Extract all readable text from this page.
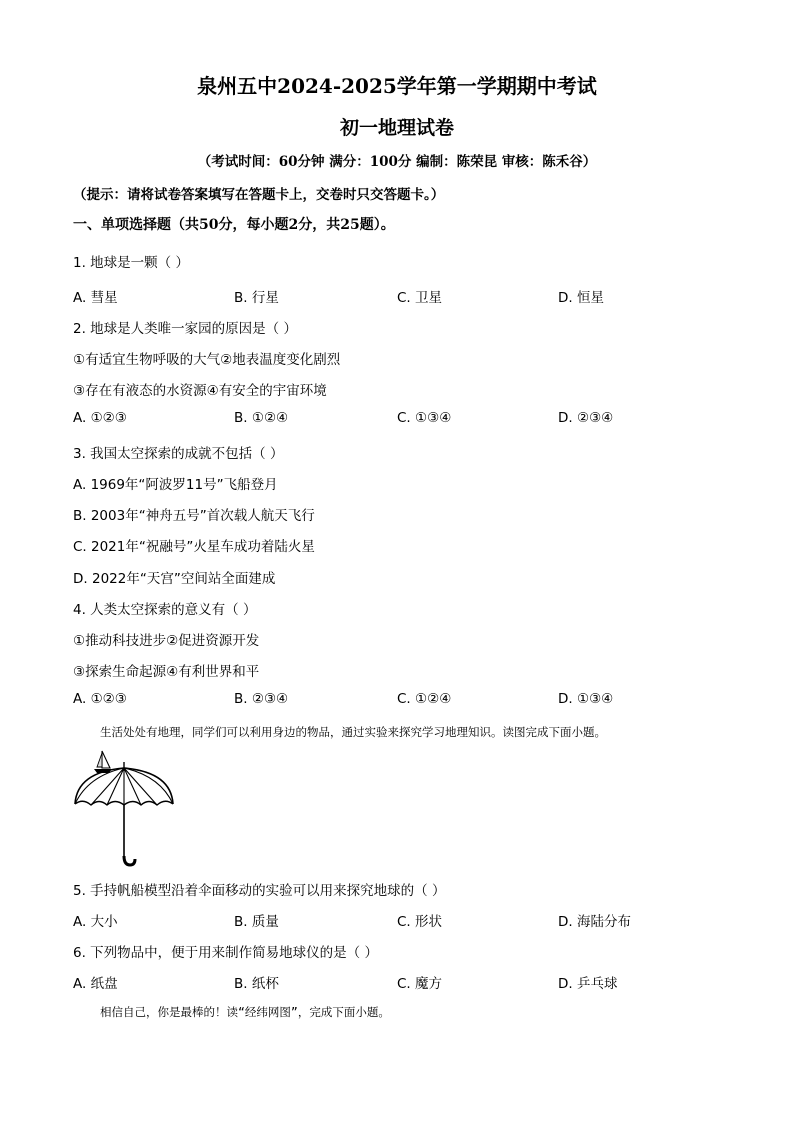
泉州五中2024-2025学年第一学期期中考试
初一地理试卷
（考试时间：60分钟 满分：100分 编制：陈荣昆 审核：陈禾谷）
（提示：请将试卷答案填写在答题卡上，交卷时只交答题卡。）
一、单项选择题（共50分，每小题2分，共25题）。
1. 地球是一颗（ ）
A. 彗星	B. 行星	C. 卫星	D. 恒星
2. 地球是人类唯一家园的原因是（ ）
①有适宜生物呼吸的大气②地表温度变化剧烈
③存在有液态的水资源④有安全的宇宙环境
A. ①②③	B. ①②④	C. ①③④	D. ②③④
3. 我国太空探索的成就不包括（ ）
A. 1969年“阿波罗11号”飞船登月
B. 2003年“神舟五号”首次载人航天飞行
C. 2021年“祝融号”火星车成功着陆火星
D. 2022年“天宫”空间站全面建成
4. 人类太空探索的意义有（ ）
①推动科技进步②促进资源开发
③探索生命起源④有利世界和平
A. ①②③	B. ②③④	C. ①②④	D. ①③④
生活处处有地理，同学们可以利用身边的物品，通过实验来探究学习地理知识。读图完成下面小题。
5. 手持帆船模型沿着伞面移动的实验可以用来探究地球的（ ）
A. 大小	B. 质量	C. 形状	D. 海陆分布
6. 下列物品中，便于用来制作简易地球仪的是（ ）
A. 纸盘	B. 纸杯	C. 魔方	D. 乒乓球
相信自己，你是最棒的！读“经纬网图”，完成下面小题。
